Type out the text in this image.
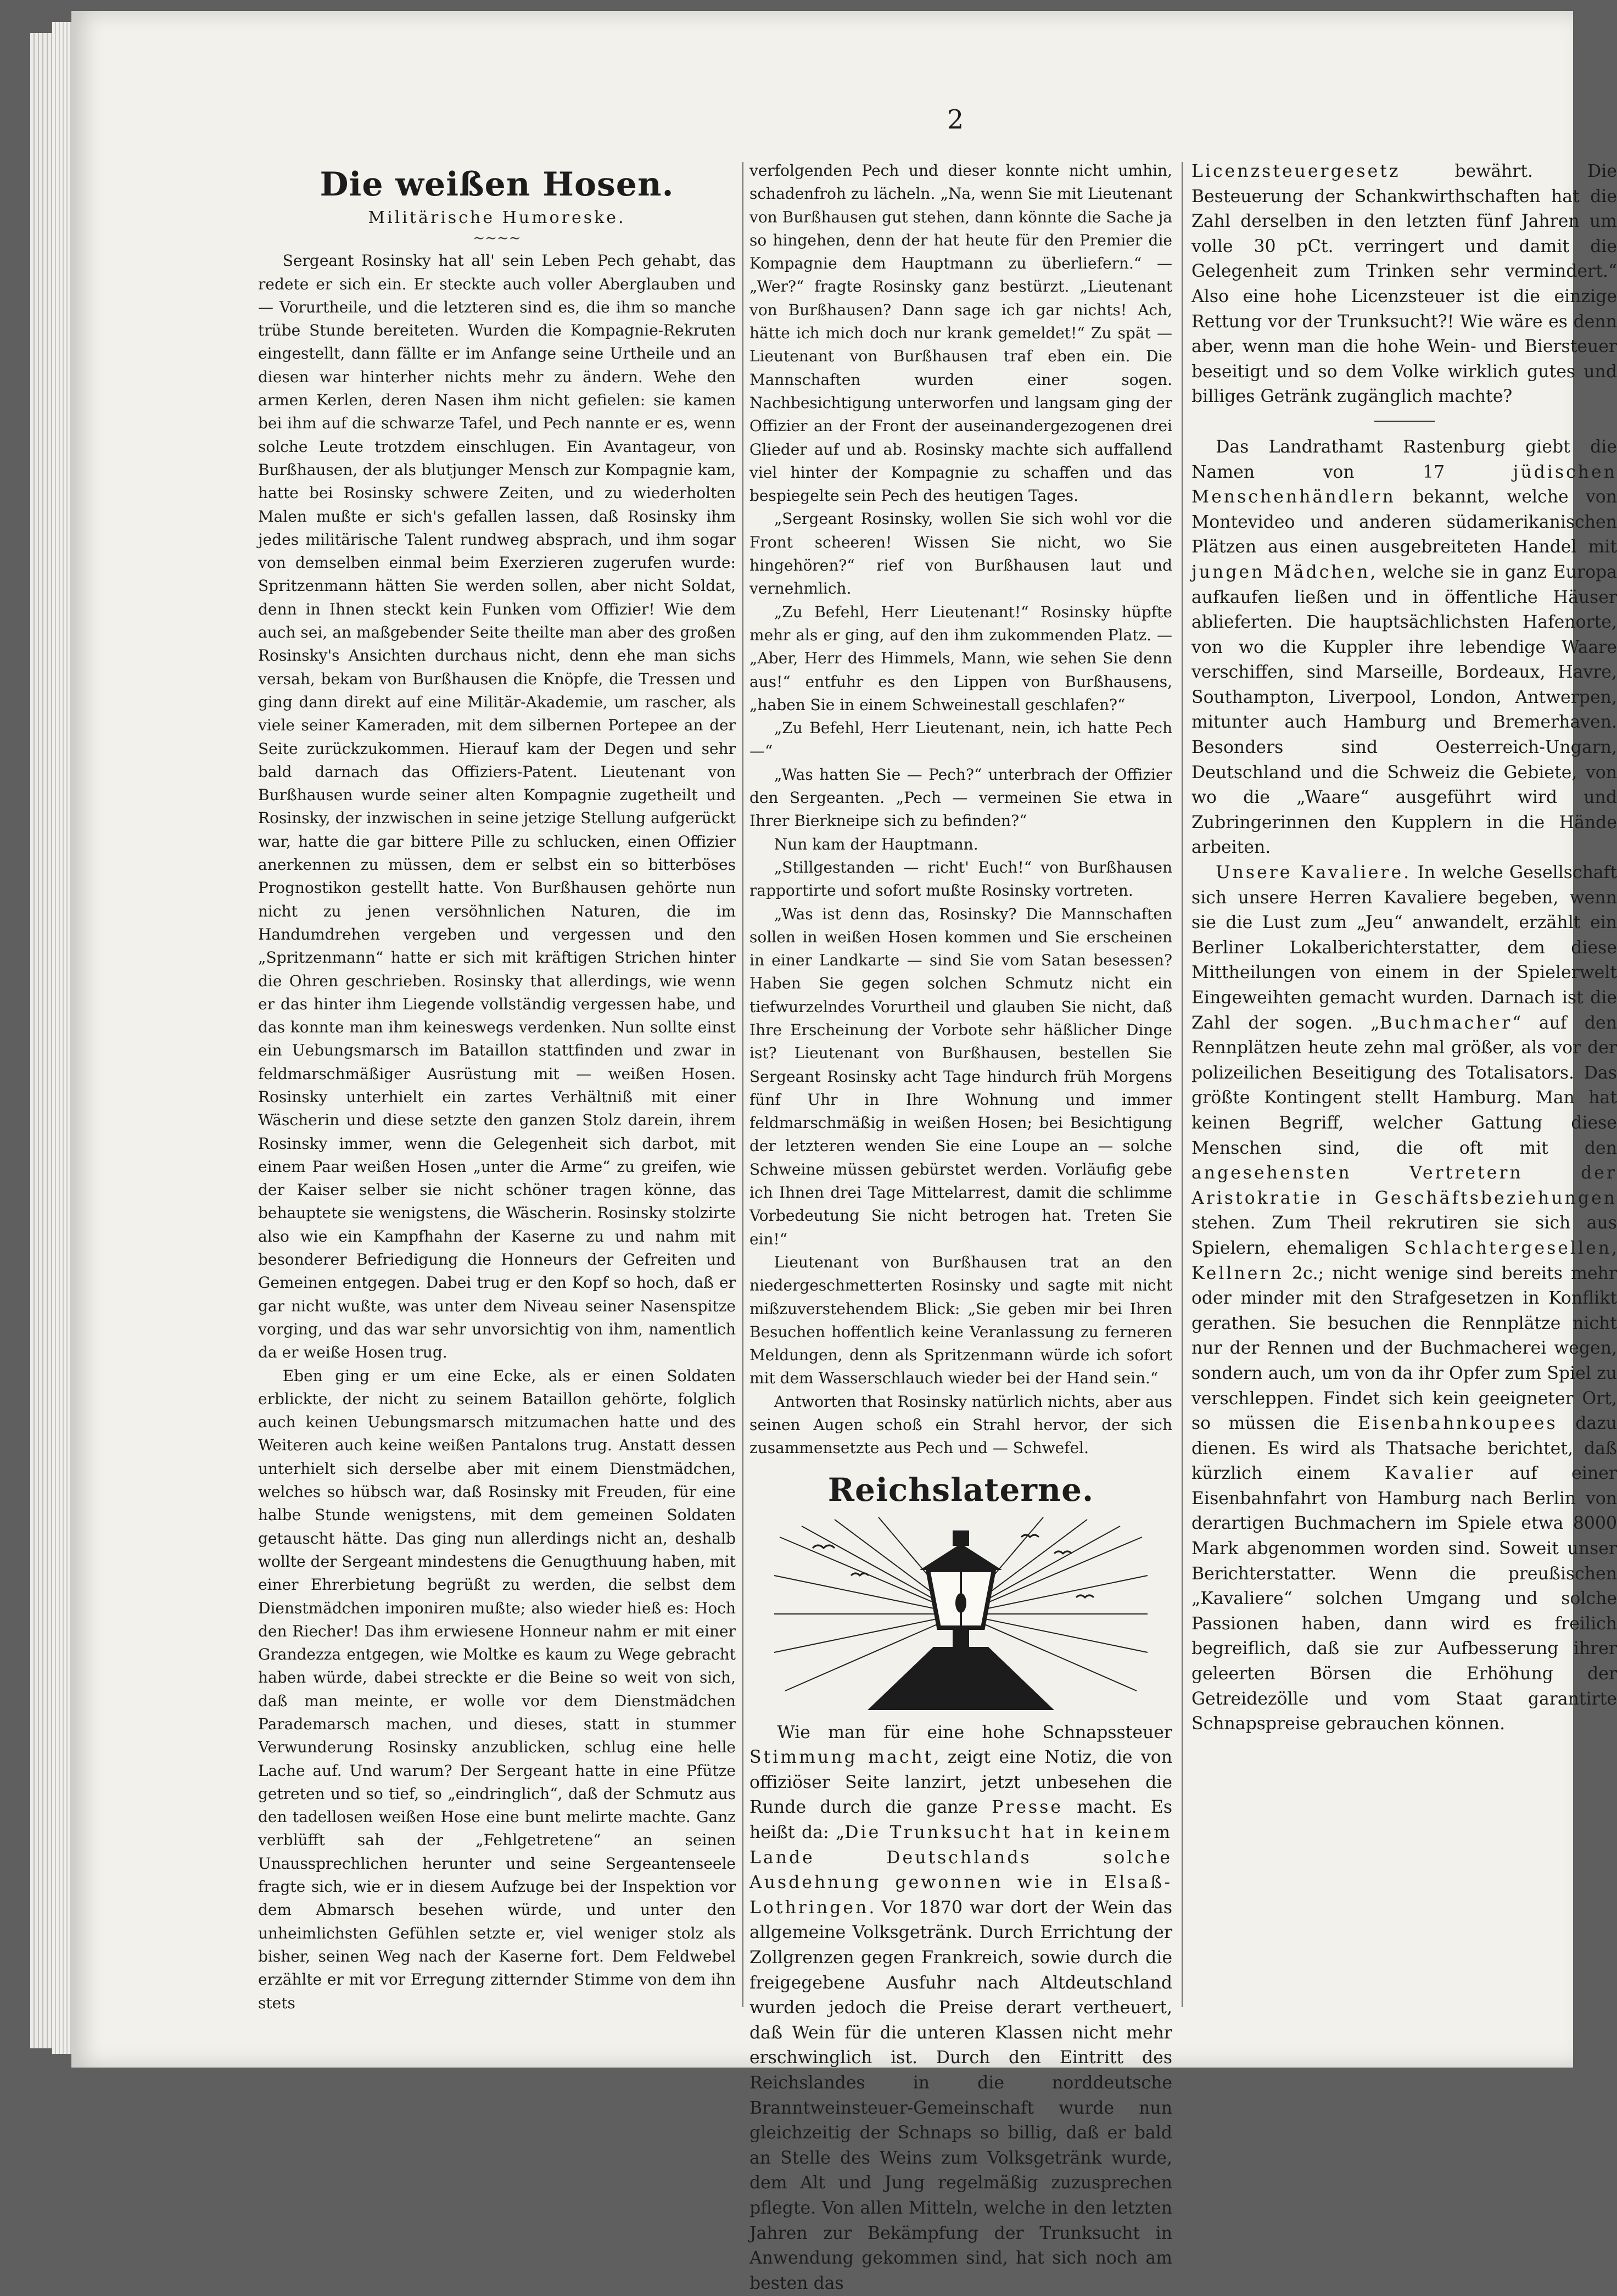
2
Die weißen Hosen.
Militärische Humoreske.
∼∼∼∼

Sergeant Rosinsky hat all' sein Leben Pech gehabt, das redete er sich ein. Er steckte auch voller Aberglauben und — Vorurtheile, und die letzteren sind es, die ihm so manche trübe Stunde bereiteten. Wurden die Kompagnie-Rekruten eingestellt, dann fällte er im Anfange seine Urtheile und an diesen war hinterher nichts mehr zu ändern. Wehe den armen Kerlen, deren Nasen ihm nicht gefielen: sie kamen bei ihm auf die schwarze Tafel, und Pech nannte er es, wenn solche Leute trotzdem einschlugen. Ein Avantageur, von Burßhausen, der als blutjunger Mensch zur Kompagnie kam, hatte bei Rosinsky schwere Zeiten, und zu wiederholten Malen mußte er sich's gefallen lassen, daß Rosinsky ihm jedes militärische Talent rundweg absprach, und ihm sogar von demselben einmal beim Exerzieren zugerufen wurde: Spritzenmann hätten Sie werden sollen, aber nicht Soldat, denn in Ihnen steckt kein Funken vom Offizier! Wie dem auch sei, an maßgebender Seite theilte man aber des großen Rosinsky's Ansichten durchaus nicht, denn ehe man sichs versah, bekam von Burßhausen die Knöpfe, die Tressen und ging dann direkt auf eine Militär-Akademie, um rascher, als viele seiner Kameraden, mit dem silbernen Portepee an der Seite zurückzukommen. Hierauf kam der Degen und sehr bald darnach das Offiziers-Patent. Lieutenant von Burßhausen wurde seiner alten Kompagnie zugetheilt und Rosinsky, der inzwischen in seine jetzige Stellung aufgerückt war, hatte die gar bittere Pille zu schlucken, einen Offizier anerkennen zu müssen, dem er selbst ein so bitterböses Prognostikon gestellt hatte. Von Burßhausen gehörte nun nicht zu jenen versöhnlichen Naturen, die im Handumdrehen vergeben und vergessen und den „Spritzenmann“ hatte er sich mit kräftigen Strichen hinter die Ohren geschrieben. Rosinsky that allerdings, wie wenn er das hinter ihm Liegende vollständig vergessen habe, und das konnte man ihm keineswegs verdenken. Nun sollte einst ein Uebungsmarsch im Bataillon stattfinden und zwar in feldmarschmäßiger Ausrüstung mit — weißen Hosen. Rosinsky unterhielt ein zartes Verhältniß mit einer Wäscherin und diese setzte den ganzen Stolz darein, ihrem Rosinsky immer, wenn die Gelegenheit sich darbot, mit einem Paar weißen Hosen „unter die Arme“ zu greifen, wie der Kaiser selber sie nicht schöner tragen könne, das behauptete sie wenigstens, die Wäscherin. Rosinsky stolzirte also wie ein Kampfhahn der Kaserne zu und nahm mit besonderer Befriedigung die Honneurs der Gefreiten und Gemeinen entgegen. Dabei trug er den Kopf so hoch, daß er gar nicht wußte, was unter dem Niveau seiner Nasenspitze vorging, und das war sehr unvorsichtig von ihm, namentlich da er weiße Hosen trug.

Eben ging er um eine Ecke, als er einen Soldaten erblickte, der nicht zu seinem Bataillon gehörte, folglich auch keinen Uebungsmarsch mitzumachen hatte und des Weiteren auch keine weißen Pantalons trug. Anstatt dessen unterhielt sich derselbe aber mit einem Dienstmädchen, welches so hübsch war, daß Rosinsky mit Freuden, für eine halbe Stunde wenigstens, mit dem gemeinen Soldaten getauscht hätte. Das ging nun allerdings nicht an, deshalb wollte der Sergeant mindestens die Genugthuung haben, mit einer Ehrerbietung begrüßt zu werden, die selbst dem Dienstmädchen imponiren mußte; also wieder hieß es: Hoch den Riecher! Das ihm erwiesene Honneur nahm er mit einer Grandezza entgegen, wie Moltke es kaum zu Wege gebracht haben würde, dabei streckte er die Beine so weit von sich, daß man meinte, er wolle vor dem Dienstmädchen Parademarsch machen, und dieses, statt in stummer Verwunderung Rosinsky anzublicken, schlug eine helle Lache auf. Und warum? Der Sergeant hatte in eine Pfütze getreten und so tief, so „eindringlich“, daß der Schmutz aus den tadellosen weißen Hose eine bunt melirte machte. Ganz verblüfft sah der „Fehlgetretene“ an seinen Unaussprechlichen herunter und seine Sergeantenseele fragte sich, wie er in diesem Aufzuge bei der Inspektion vor dem Abmarsch besehen würde, und unter den unheimlichsten Gefühlen setzte er, viel weniger stolz als bisher, seinen Weg nach der Kaserne fort. Dem Feldwebel erzählte er mit vor Erregung zitternder Stimme von dem ihn stets

verfolgenden Pech und dieser konnte nicht umhin, schadenfroh zu lächeln. „Na, wenn Sie mit Lieutenant von Burßhausen gut stehen, dann könnte die Sache ja so hingehen, denn der hat heute für den Premier die Kompagnie dem Hauptmann zu überliefern.“ — „Wer?“ fragte Rosinsky ganz bestürzt. „Lieutenant von Burßhausen? Dann sage ich gar nichts! Ach, hätte ich mich doch nur krank gemeldet!“ Zu spät — Lieutenant von Burßhausen traf eben ein. Die Mannschaften wurden einer sogen. Nachbesichtigung unterworfen und langsam ging der Offizier an der Front der auseinandergezogenen drei Glieder auf und ab. Rosinsky machte sich auffallend viel hinter der Kompagnie zu schaffen und das bespiegelte sein Pech des heutigen Tages.

„Sergeant Rosinsky, wollen Sie sich wohl vor die Front scheeren! Wissen Sie nicht, wo Sie hingehören?“ rief von Burßhausen laut und vernehmlich.

„Zu Befehl, Herr Lieutenant!“ Rosinsky hüpfte mehr als er ging, auf den ihm zukommenden Platz. — „Aber, Herr des Himmels, Mann, wie sehen Sie denn aus!“ entfuhr es den Lippen von Burßhausens, „haben Sie in einem Schweinestall geschlafen?“

„Zu Befehl, Herr Lieutenant, nein, ich hatte Pech —“

„Was hatten Sie — Pech?“ unterbrach der Offizier den Sergeanten. „Pech — vermeinen Sie etwa in Ihrer Bierkneipe sich zu befinden?“

Nun kam der Hauptmann.

„Stillgestanden — richt' Euch!“ von Burßhausen rapportirte und sofort mußte Rosinsky vortreten.

„Was ist denn das, Rosinsky? Die Mannschaften sollen in weißen Hosen kommen und Sie erscheinen in einer Landkarte — sind Sie vom Satan besessen? Haben Sie gegen solchen Schmutz nicht ein tiefwurzelndes Vorurtheil und glauben Sie nicht, daß Ihre Erscheinung der Vorbote sehr häßlicher Dinge ist? Lieutenant von Burßhausen, bestellen Sie Sergeant Rosinsky acht Tage hindurch früh Morgens fünf Uhr in Ihre Wohnung und immer feldmarschmäßig in weißen Hosen; bei Besichtigung der letzteren wenden Sie eine Loupe an — solche Schweine müssen gebürstet werden. Vorläufig gebe ich Ihnen drei Tage Mittelarrest, damit die schlimme Vorbedeutung Sie nicht betrogen hat. Treten Sie ein!“

Lieutenant von Burßhausen trat an den niedergeschmetterten Rosinsky und sagte mit nicht mißzuverstehendem Blick: „Sie geben mir bei Ihren Besuchen hoffentlich keine Veranlassung zu ferneren Meldungen, denn als Spritzenmann würde ich sofort mit dem Wasserschlauch wieder bei der Hand sein.“

Antworten that Rosinsky natürlich nichts, aber aus seinen Augen schoß ein Strahl hervor, der sich zusammensetzte aus Pech und — Schwefel.

Reichslaterne.

Wie man für eine hohe Schnapssteuer Stimmung macht, zeigt eine Notiz, die von offiziöser Seite lanzirt, jetzt unbesehen die Runde durch die ganze Presse macht. Es heißt da: „Die Trunksucht hat in keinem Lande Deutschlands solche Ausdehnung gewonnen wie in Elsaß-Lothringen. Vor 1870 war dort der Wein das allgemeine Volksgetränk. Durch Errichtung der Zollgrenzen gegen Frankreich, sowie durch die freigegebene Ausfuhr nach Altdeutschland wurden jedoch die Preise derart vertheuert, daß Wein für die unteren Klassen nicht mehr erschwinglich ist. Durch den Eintritt des Reichslandes in die norddeutsche Branntweinsteuer-Gemeinschaft wurde nun gleichzeitig der Schnaps so billig, daß er bald an Stelle des Weins zum Volksgetränk wurde, dem Alt und Jung regelmäßig zuzusprechen pflegte. Von allen Mitteln, welche in den letzten Jahren zur Bekämpfung der Trunksucht in Anwendung gekommen sind, hat sich noch am besten das

Licenzsteuergesetz	bewährt. Die Besteuerung der Schankwirthschaften hat die Zahl derselben in den letzten fünf Jahren um volle 30 pCt. verringert und damit die Gelegenheit zum Trinken sehr vermindert.“ Also eine hohe Licenzsteuer ist die einzige Rettung vor der Trunksucht?! Wie wäre es denn aber, wenn man die hohe Wein- und Biersteuer beseitigt und so dem Volke wirklich gutes und billiges Getränk zugänglich machte?

Das Landrathamt Rastenburg giebt die Namen von 17	jüdischen Menschenhändlern bekannt, welche von Montevideo und anderen südamerikanischen Plätzen aus einen ausgebreiteten Handel mit jungen Mädchen, welche sie in ganz Europa aufkaufen ließen und in öffentliche Häuser ablieferten. Die hauptsächlichsten Hafenorte, von wo die Kuppler ihre lebendige Waare verschiffen, sind Marseille, Bordeaux, Havre, Southampton, Liverpool, London, Antwerpen, mitunter auch Hamburg und Bremerhaven. Besonders sind Oesterreich-Ungarn, Deutschland und die Schweiz die Gebiete, von wo die „Waare“ ausgeführt wird und Zubringerinnen den Kupplern in die Hände arbeiten.

Unsere Kavaliere. In welche Gesellschaft sich unsere Herren Kavaliere begeben, wenn sie die Lust zum „Jeu“ anwandelt, erzählt ein Berliner Lokalberichterstatter, dem diese Mittheilungen von einem in der Spielerwelt Eingeweihten gemacht wurden. Darnach ist die Zahl der sogen. „Buchmacher“ auf den Rennplätzen heute zehn mal größer, als vor der polizeilichen Beseitigung des Totalisators. Das größte Kontingent stellt Hamburg. Man hat keinen Begriff, welcher Gattung diese Menschen sind, die oft mit den angesehensten Vertretern der Aristokratie in Geschäftsbeziehungen stehen. Zum Theil rekrutiren sie sich aus Spielern, ehemaligen Schlachtergesellen, Kellnern 2c.; nicht wenige sind bereits mehr oder minder mit den Strafgesetzen in Konflikt gerathen. Sie besuchen die Rennplätze nicht nur der Rennen und der Buchmacherei wegen, sondern auch, um von da ihr Opfer zum Spiel zu verschleppen. Findet sich kein geeigneter Ort, so müssen die Eisenbahnkoupees dazu dienen. Es wird als Thatsache berichtet, daß kürzlich einem Kavalier auf einer Eisenbahnfahrt von Hamburg nach Berlin von derartigen Buchmachern im Spiele etwa 8000 Mark abgenommen worden sind. Soweit unser Berichterstatter. Wenn die preußischen „Kavaliere“ solchen Umgang und solche Passionen haben, dann wird es freilich begreiflich, daß sie zur Aufbesserung ihrer geleerten Börsen die Erhöhung der Getreidezölle und vom Staat garantirte Schnapspreise gebrauchen können.
